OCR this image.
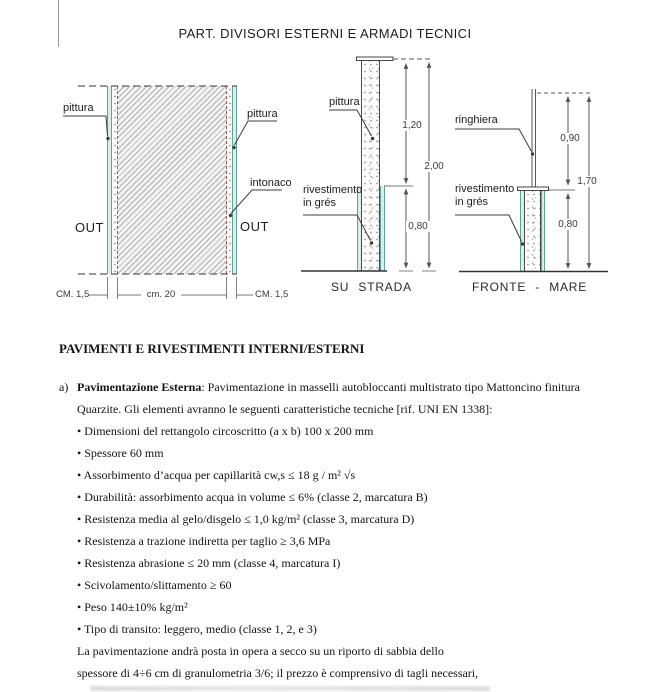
PART. DIVISORI ESTERNI E ARMADI TECNICI
pittura
OUT
pittura
intonaco
OUT
CM. 1,5	cm. 20	CM. 1,5
pittura
rivestimento
in grés
1,20
2,00
0,80
SU STRADA
ringhiera
rivestimento
in grés
0,90
1,70
0,80
FRONTE - MARE
PAVIMENTI E RIVESTIMENTI INTERNI/ESTERNI
a) Pavimentazione Esterna: Pavimentazione in masselli autobloccanti multistrato tipo Mattoncino finitura
Quarzite. Gli elementi avranno le seguenti caratteristiche tecniche [rif. UNI EN 1338]:
• Dimensioni del rettangolo circoscritto (a x b) 100 x 200 mm
• Spessore 60 mm
• Assorbimento d’acqua per capillarità cw,s ≤ 18 g / m² √s
• Durabilità: assorbimento acqua in volume ≤ 6% (classe 2, marcatura B)
• Resistenza media al gelo/disgelo ≤ 1,0 kg/m² (classe 3, marcatura D)
• Resistenza a trazione indiretta per taglio ≥ 3,6 MPa
• Resistenza abrasione ≤ 20 mm (classe 4, marcatura I)
• Scivolamento/slittamento ≥ 60
• Peso 140±10% kg/m²
• Tipo di transito: leggero, medio (classe 1, 2, e 3)
La pavimentazione andrà posta in opera a secco su un riporto di sabbia dello
spessore di 4÷6 cm di granulometria 3/6; il prezzo è comprensivo di tagli necessari,
